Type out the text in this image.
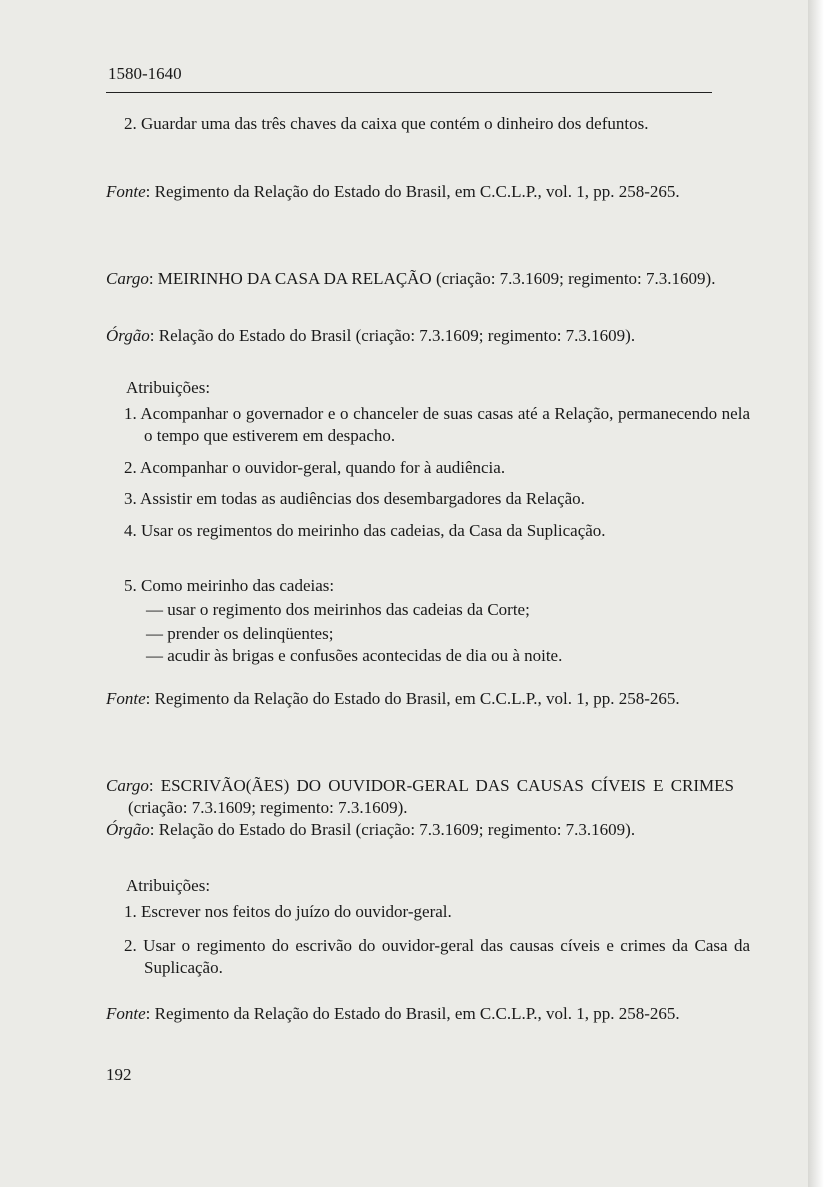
1580-1640
2. Guardar uma das três chaves da caixa que contém o dinheiro dos defuntos.
Fonte: Regimento da Relação do Estado do Brasil, em C.C.L.P., vol. 1, pp. 258-265.
Cargo: MEIRINHO DA CASA DA RELAÇÃO (criação: 7.3.1609; regimento: 7.3.1609).
Órgão: Relação do Estado do Brasil (criação: 7.3.1609; regimento: 7.3.1609).
Atribuições:
1. Acompanhar o governador e o chanceler de suas casas até a Relação, permanecendo nela o tempo que estiverem em despacho.
2. Acompanhar o ouvidor-geral, quando for à audiência.
3. Assistir em todas as audiências dos desembargadores da Relação.
4. Usar os regimentos do meirinho das cadeias, da Casa da Suplicação.
5. Como meirinho das cadeias:
— usar o regimento dos meirinhos das cadeias da Corte;
— prender os delinqüentes;
— acudir às brigas e confusões acontecidas de dia ou à noite.
Fonte: Regimento da Relação do Estado do Brasil, em C.C.L.P., vol. 1, pp. 258-265.
Cargo: ESCRIVÃO(ÃES) DO OUVIDOR-GERAL DAS CAUSAS CÍVEIS E CRIMES (criação: 7.3.1609; regimento: 7.3.1609).
Órgão: Relação do Estado do Brasil (criação: 7.3.1609; regimento: 7.3.1609).
Atribuições:
1. Escrever nos feitos do juízo do ouvidor-geral.
2. Usar o regimento do escrivão do ouvidor-geral das causas cíveis e crimes da Casa da Suplicação.
Fonte: Regimento da Relação do Estado do Brasil, em C.C.L.P., vol. 1, pp. 258-265.
192
